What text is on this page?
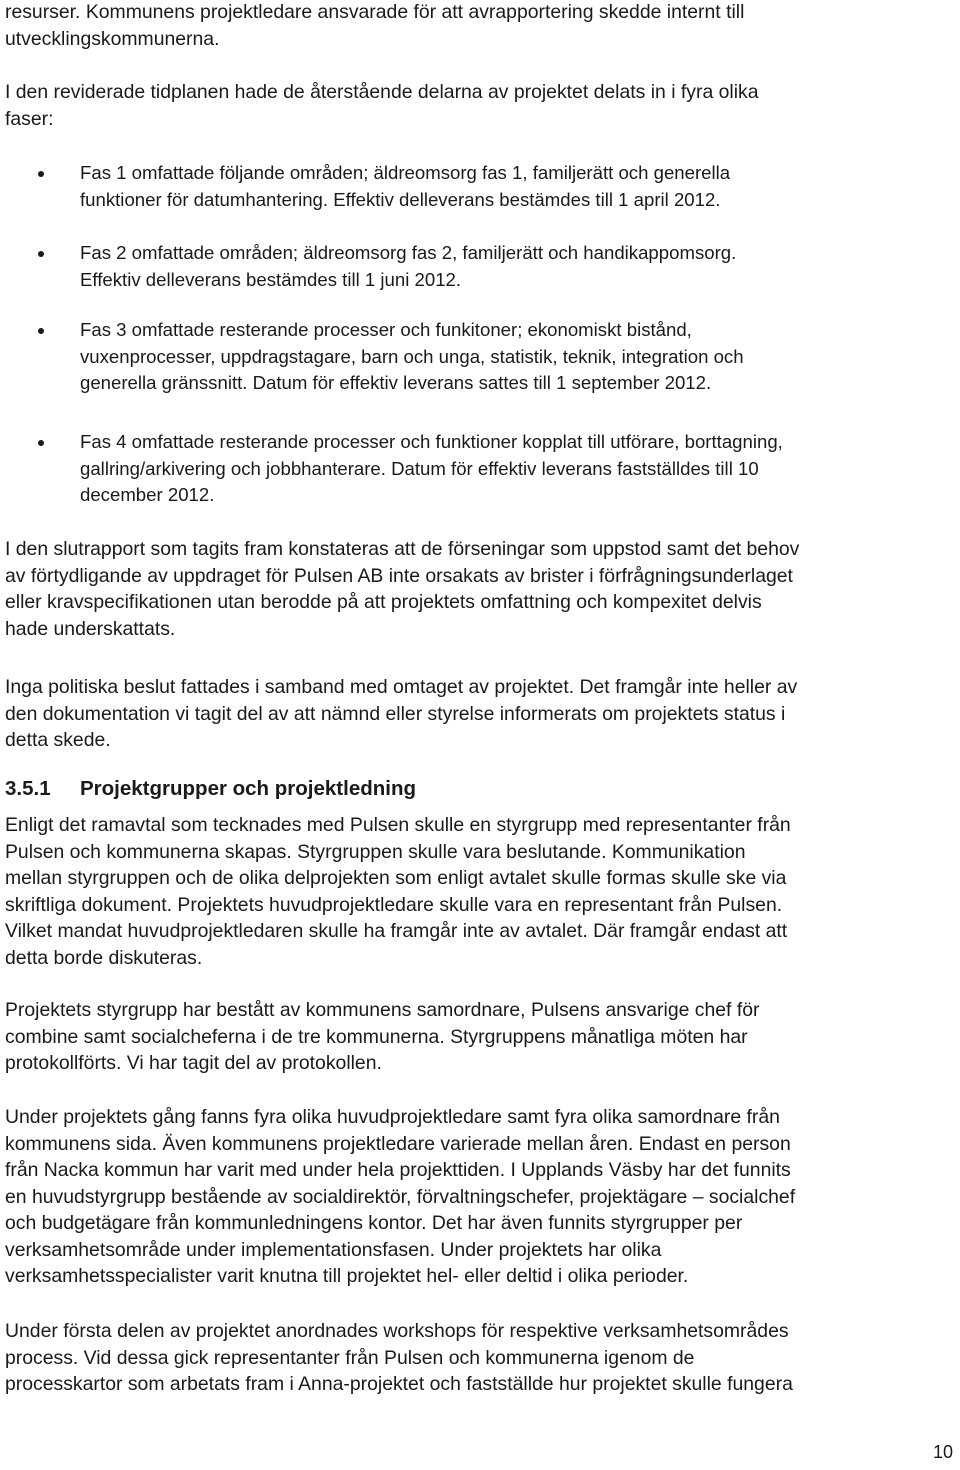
resurser. Kommunens projektledare ansvarade för att avrapportering skedde internt till
utvecklingskommunerna.

I den reviderade tidplanen hade de återstående delarna av projektet delats in i fyra olika
faser:

Fas 1 omfattade följande områden; äldreomsorg fas 1, familjerätt och generella
funktioner för datumhantering. Effektiv delleverans bestämdes till 1 april 2012.
Fas 2 omfattade områden; äldreomsorg fas 2, familjerätt och handikappomsorg.
Effektiv delleverans bestämdes till 1 juni 2012.
Fas 3 omfattade resterande processer och funkitoner; ekonomiskt bistånd,
vuxenprocesser, uppdragstagare, barn och unga, statistik, teknik, integration och
generella gränssnitt. Datum för effektiv leverans sattes till 1 september 2012.
Fas 4 omfattade resterande processer och funktioner kopplat till utförare, borttagning,
gallring/arkivering och jobbhanterare. Datum för effektiv leverans fastställdes till 10
december 2012.

I den slutrapport som tagits fram konstateras att de förseningar som uppstod samt det behov
av förtydligande av uppdraget för Pulsen AB inte orsakats av brister i förfrågningsunderlaget
eller kravspecifikationen utan berodde på att projektets omfattning och kompexitet delvis
hade underskattats.

Inga politiska beslut fattades i samband med omtaget av projektet. Det framgår inte heller av
den dokumentation vi tagit del av att nämnd eller styrelse informerats om projektets status i
detta skede.

3.5.1 Projektgrupper och projektledning

Enligt det ramavtal som tecknades med Pulsen skulle en styrgrupp med representanter från
Pulsen och kommunerna skapas. Styrgruppen skulle vara beslutande. Kommunikation
mellan styrgruppen och de olika delprojekten som enligt avtalet skulle formas skulle ske via
skriftliga dokument. Projektets huvudprojektledare skulle vara en representant från Pulsen.
Vilket mandat huvudprojektledaren skulle ha framgår inte av avtalet. Där framgår endast att
detta borde diskuteras.

Projektets styrgrupp har bestått av kommunens samordnare, Pulsens ansvarige chef för
combine samt socialcheferna i de tre kommunerna. Styrgruppens månatliga möten har
protokollförts. Vi har tagit del av protokollen.

Under projektets gång fanns fyra olika huvudprojektledare samt fyra olika samordnare från
kommunens sida. Även kommunens projektledare varierade mellan åren. Endast en person
från Nacka kommun har varit med under hela projekttiden. I Upplands Väsby har det funnits
en huvudstyrgrupp bestående av socialdirektör, förvaltningschefer, projektägare – socialchef
och budgetägare från kommunledningens kontor. Det har även funnits styrgrupper per
verksamhetsområde under implementationsfasen. Under projektets har olika
verksamhetsspecialister varit knutna till projektet hel- eller deltid i olika perioder.

Under första delen av projektet anordnades workshops för respektive verksamhetsområdes
process. Vid dessa gick representanter från Pulsen och kommunerna igenom de
processkartor som arbetats fram i Anna-projektet och fastställde hur projektet skulle fungera

10
